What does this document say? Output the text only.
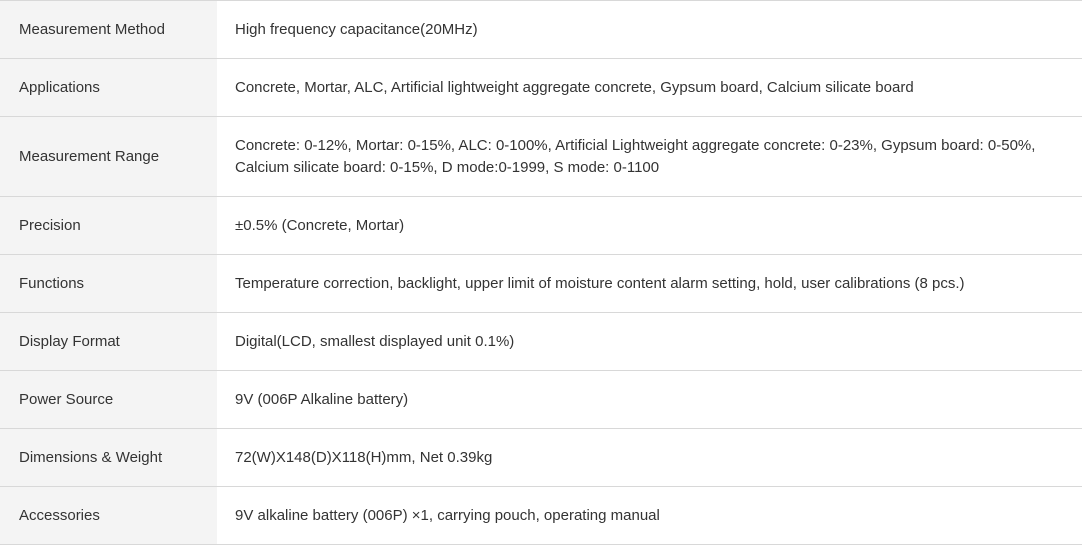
Measurement Method	High frequency capacitance(20MHz)
Applications	Concrete, Mortar, ALC, Artificial lightweight aggregate concrete, Gypsum board, Calcium silicate board
Measurement Range	Concrete: 0-12%, Mortar: 0-15%, ALC: 0-100%, Artificial Lightweight aggregate concrete: 0-23%, Gypsum board: 0-50%, Calcium silicate board: 0-15%, D mode:0-1999, S mode: 0-1100
Precision	±0.5% (Concrete, Mortar)
Functions	Temperature correction, backlight, upper limit of moisture content alarm setting, hold, user calibrations (8 pcs.)
Display Format	Digital(LCD, smallest displayed unit 0.1%)
Power Source	9V (006P Alkaline battery)
Dimensions & Weight	72(W)X148(D)X118(H)mm, Net 0.39kg
Accessories	9V alkaline battery (006P) ×1, carrying pouch, operating manual
